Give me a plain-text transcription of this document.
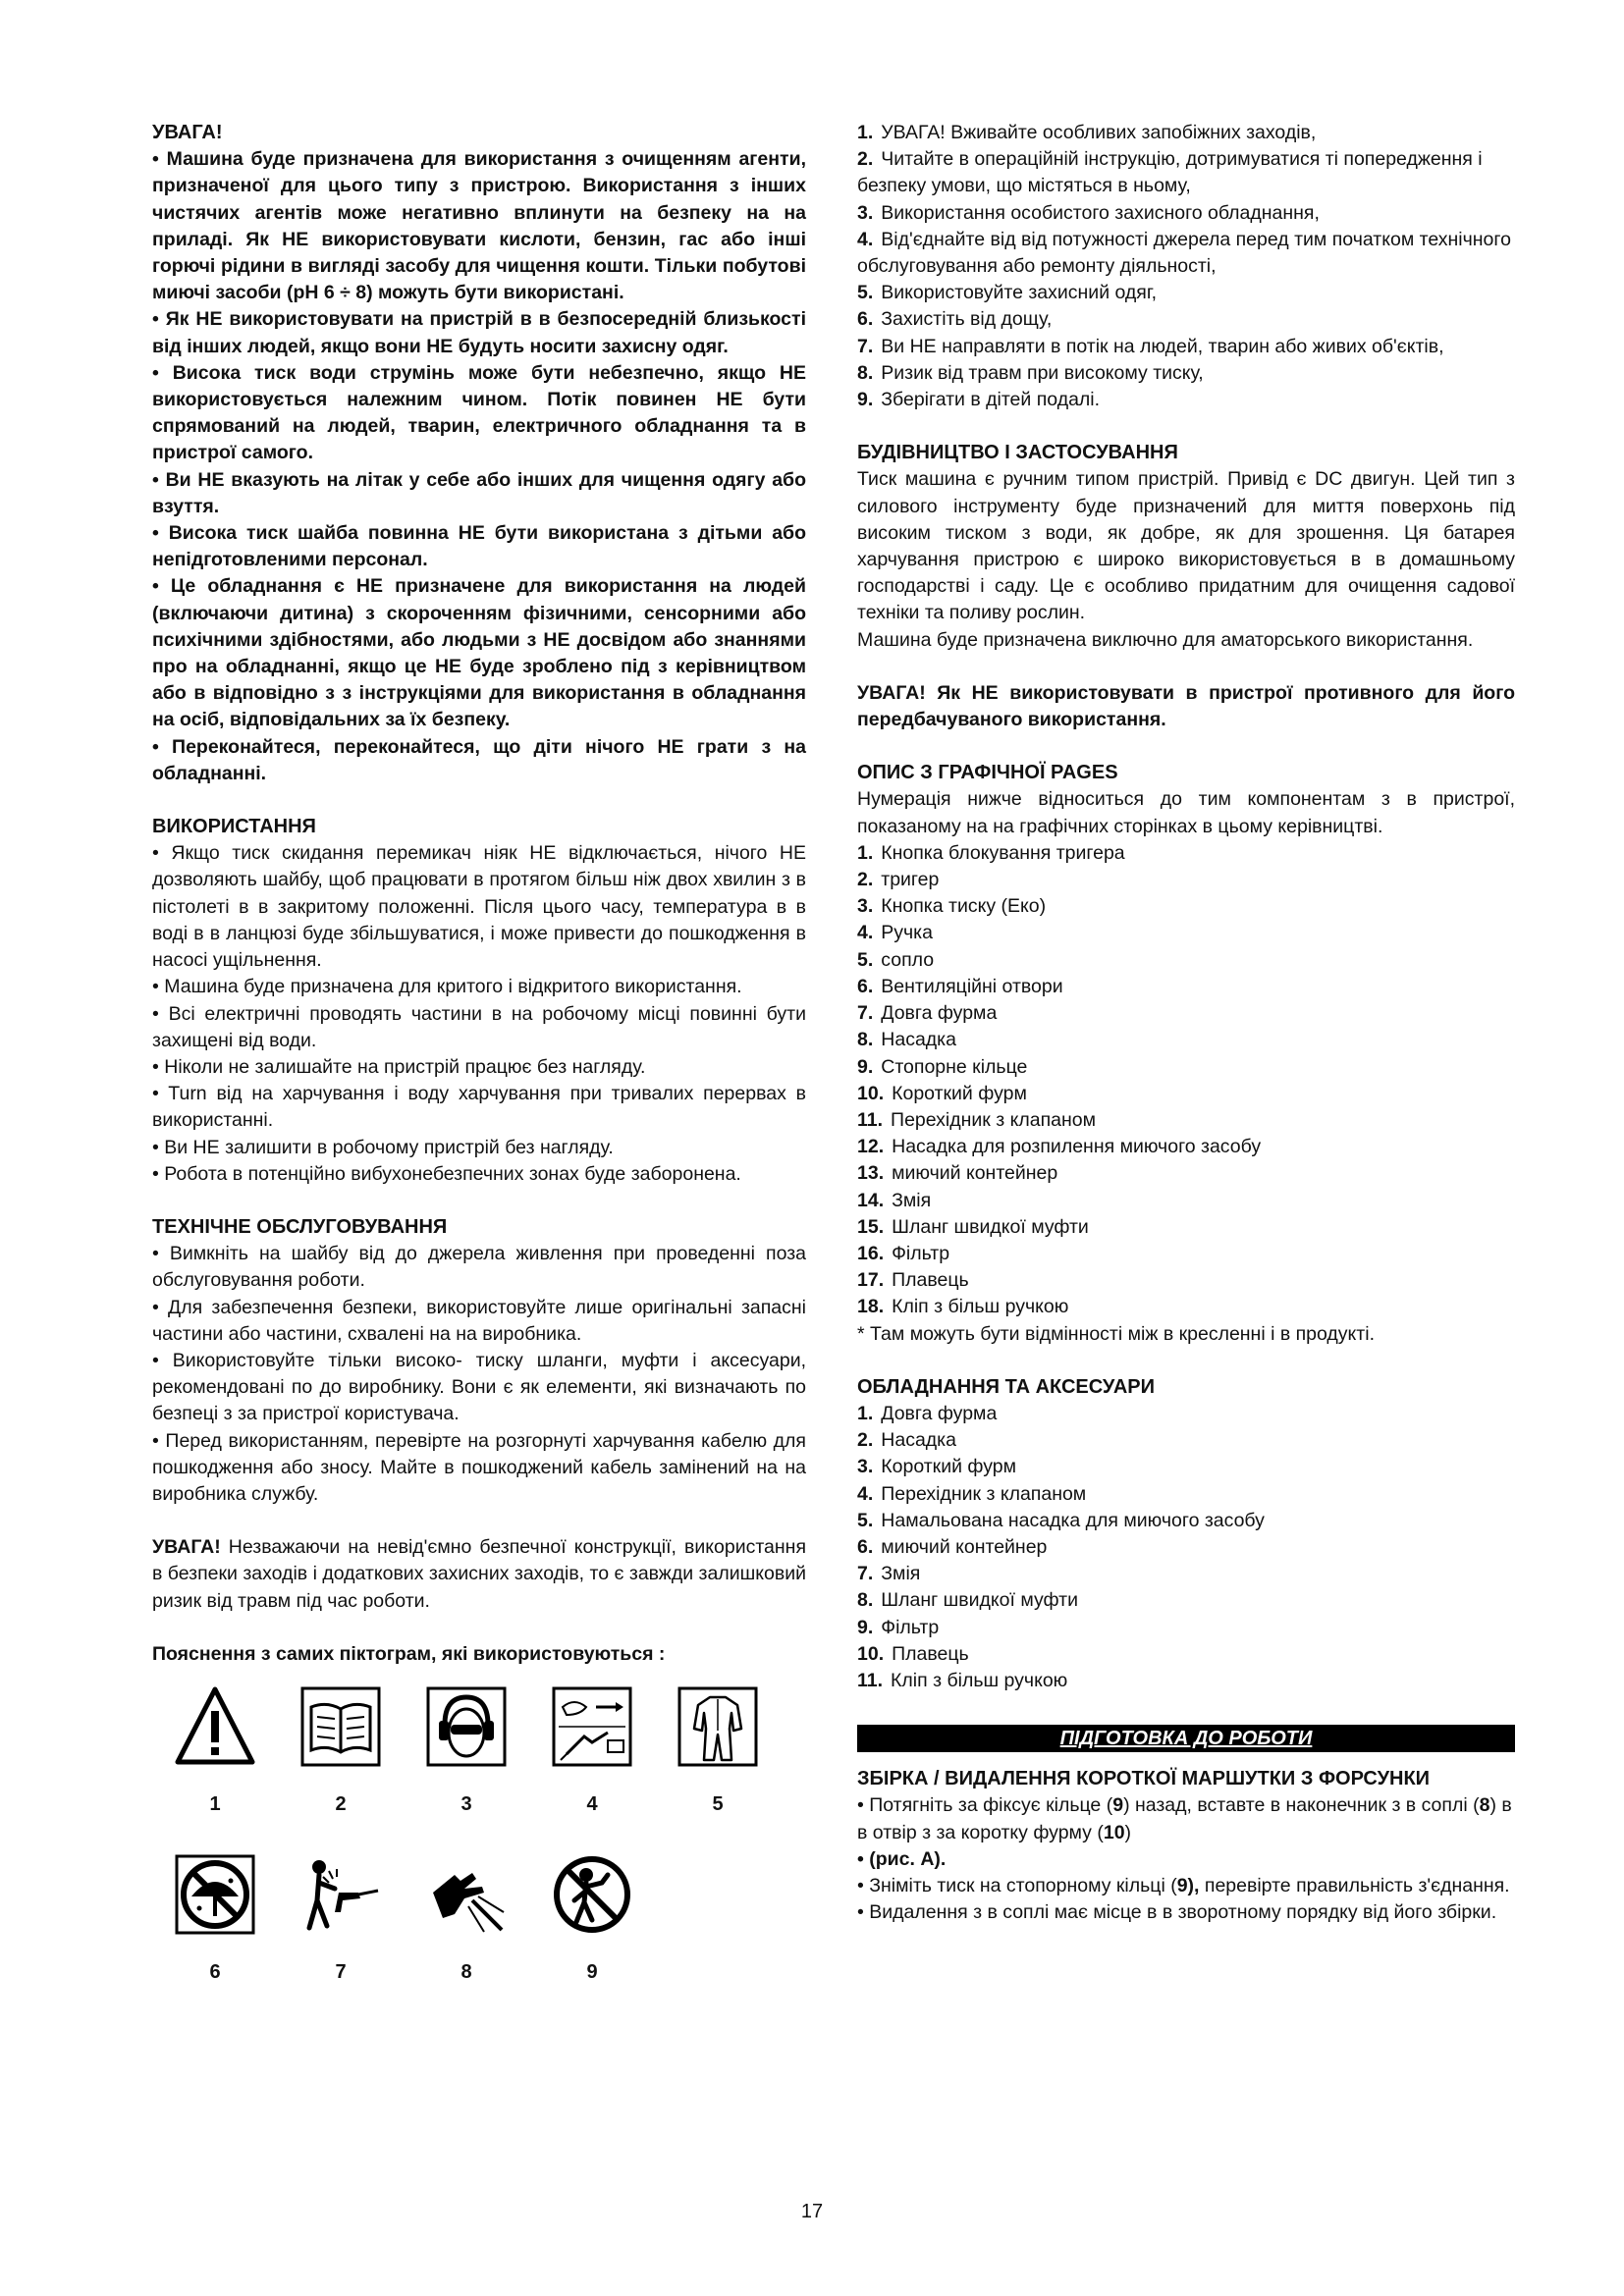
УВАГА!

• Машина буде призначена для використання з очищенням агенти, призначеної для цього типу з пристрою. Використання з інших чистячих агентів може негативно вплинути на безпеку на на приладі. Як НЕ використовувати кислоти, бензин, гас або інші горючі рідини в вигляді засобу для чищення кошти. Тільки побутові миючі засоби (pH 6 ÷ 8) можуть бути використані.

• Як НЕ використовувати на пристрій в в безпосередній близькості від інших людей, якщо вони НЕ будуть носити захисну одяг.

• Висока тиск води струмінь може бути небезпечно, якщо НЕ використовується належним чином. Потік повинен НЕ бути спрямований на людей, тварин, електричного обладнання та в пристрої самого.

• Ви НЕ вказують на літак у себе або інших для чищення одягу або взуття.

• Висока тиск шайба повинна НЕ бути використана з дітьми або непідготовленими персонал.

• Це обладнання є НЕ призначене для використання на людей (включаючи дитина) з скороченням фізичними, сенсорними або психічними здібностями, або людьми з НЕ досвідом або знаннями про на обладнанні, якщо це НЕ буде зроблено під з керівництвом або в відповідно з з інструкціями для використання в обладнання на осіб, відповідальних за їх безпеку.

• Переконайтеся, переконайтеся, що діти нічого НЕ грати з на обладнанні.

ВИКОРИСТАННЯ

• Якщо тиск скидання перемикач ніяк НЕ відключається, нічого НЕ дозволяють шайбу, щоб працювати в протягом більш ніж двох хвилин з в пістолеті в в закритому положенні. Після цього часу, температура в в воді в в ланцюзі буде збільшуватися, і може привести до пошкодження в насосі ущільнення.

• Машина буде призначена для критого і відкритого використання.

• Всі електричні проводять частини в на робочому місці повинні бути захищені від води.

• Ніколи не залишайте на пристрій працює без нагляду.

• Turn від на харчування і воду харчування при тривалих перервах в використанні.

• Ви НЕ залишити в робочому пристрій без нагляду.

• Робота в потенційно вибухонебезпечних зонах буде заборонена.

ТЕХНІЧНЕ ОБСЛУГОВУВАННЯ

• Вимкніть на шайбу від до джерела живлення при проведенні поза обслуговування роботи.

• Для забезпечення безпеки, використовуйте лише оригінальні запасні частини або частини, схвалені на на виробника.

• Використовуйте тільки високо- тиску шланги, муфти і аксесуари, рекомендовані по до виробнику. Вони є як елементи, які визначають по безпеці з за пристрої користувача.

• Перед використанням, перевірте на розгорнуті харчування кабелю для пошкодження або зносу. Майте в пошкоджений кабель замінений на на виробника службу.

УВАГА! Незважаючи на невід'ємно безпечної конструкції, використання в безпеки заходів і додаткових захисних заходів, то є завжди залишковий ризик від травм під час роботи.

Пояснення з самих піктограм, які використовуються :

1	2	3	4	5
6	7	8	9
1. УВАГА! Вживайте особливих запобіжних заходів,
2. Читайте в операційній інструкцію, дотримуватися ті попередження і безпеку умови, що містяться в ньому,
3. Використання особистого захисного обладнання,
4. Від'єднайте від від потужності джерела перед тим початком технічного обслуговування або ремонту діяльності,
5. Використовуйте захисний одяг,
6. Захистіть від дощу,
7. Ви НЕ направляти в потік на людей, тварин або живих об'єктів,
8. Ризик від травм при високому тиску,
9. Зберігати в дітей подалі.

БУДІВНИЦТВО І ЗАСТОСУВАННЯ

Тиск машина є ручним типом пристрій. Привід є DC двигун. Цей тип з силового інструменту буде призначений для миття поверхонь під високим тиском з води, як добре, як для зрошення. Ця батарея харчування пристрою є широко використовується в в домашньому господарстві і саду. Це є особливо придатним для очищення садової техніки та поливу рослин.

Машина буде призначена виключно для аматорського використання.

УВАГА! Як НЕ використовувати в пристрої противного для його передбачуваного використання.

ОПИС З ГРАФІЧНОЇ PAGES

Нумерація нижче відноситься до тим компонентам з в пристрої, показаному на на графічних сторінках в цьому керівництві.

1. Кнопка блокування тригера
2. тригер
3. Кнопка тиску (Еко)
4. Ручка
5. сопло
6. Вентиляційні отвори
7. Довга фурма
8. Насадка
9. Стопорне кільце
10. Короткий фурм
11. Перехідник з клапаном
12. Насадка для розпилення миючого засобу
13. миючий контейнер
14. Змія
15. Шланг швидкої муфти
16. Фільтр
17. Плавець
18. Кліп з більш ручкою

* Там можуть бути відмінності між в кресленні і в продукті.

ОБЛАДНАННЯ ТА АКСЕСУАРИ

1. Довга фурма
2. Насадка
3. Короткий фурм
4. Перехідник з клапаном
5. Намальована насадка для миючого засобу
6. миючий контейнер
7. Змія
8. Шланг швидкої муфти
9. Фільтр
10. Плавець
11. Кліп з більш ручкою
ПІДГОТОВКА ДО РОБОТИ

ЗБІРКА / ВИДАЛЕННЯ КОРОТКОЇ МАРШУТКИ З ФОРСУНКИ

• Потягніть за фіксує кільце (9) назад, вставте в наконечник з в соплі (8) в в отвір з за коротку фурму (10)

• (рис. А).

• Зніміть тиск на стопорному кільці (9), перевірте правильність з'єднання.

• Видалення з в соплі має місце в в зворотному порядку від його збірки.

17
